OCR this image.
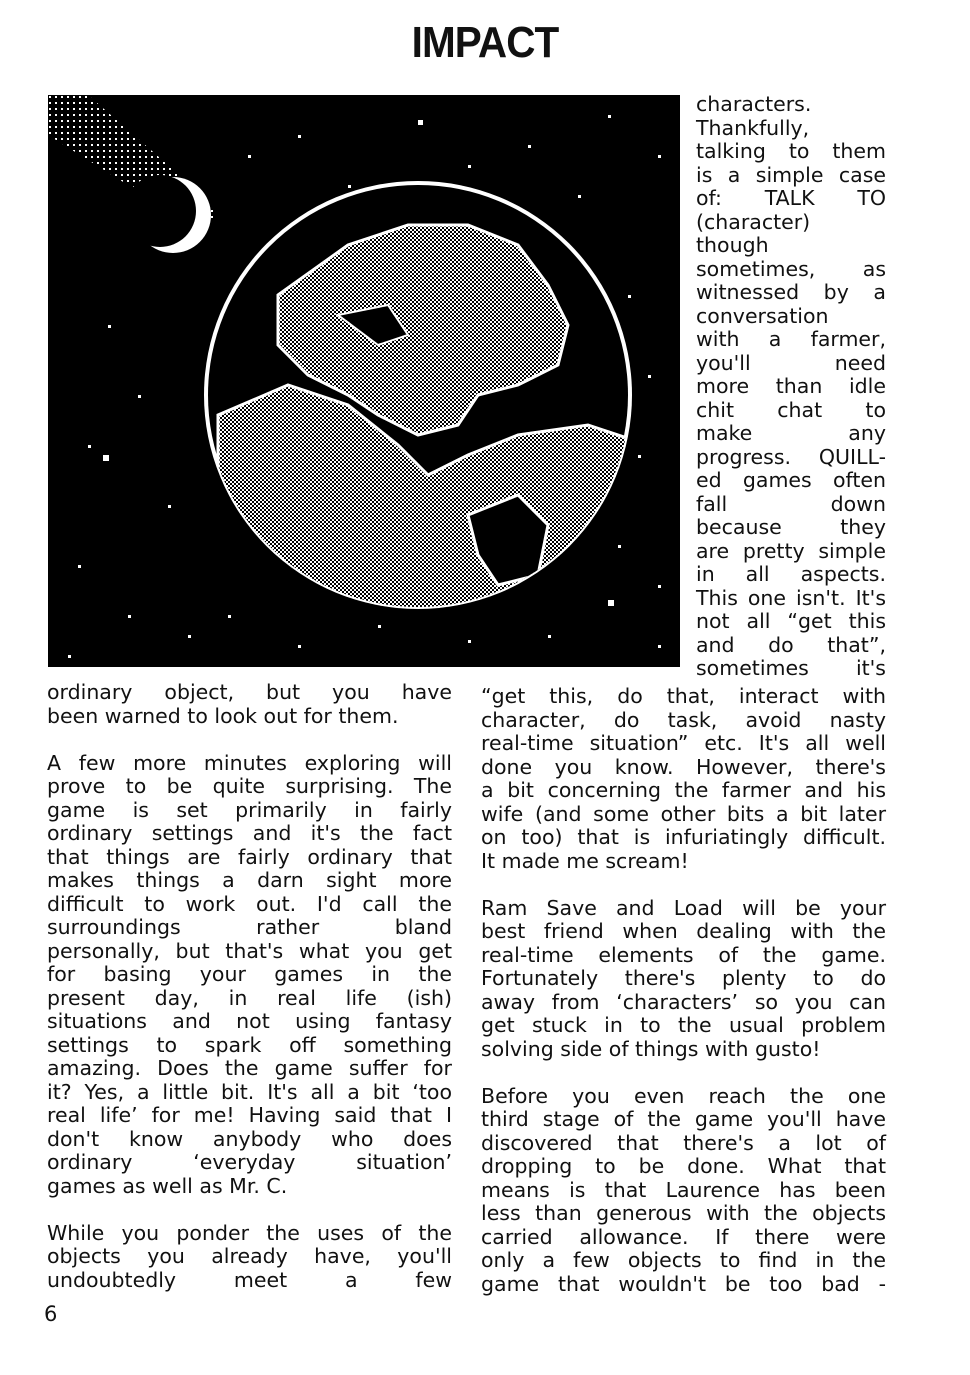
IMPACT
characters.
Thankfully,
talking to them
is a simple case
of: TALK TO
(character)
though
sometimes, as
witnessed by a
conversation
with a farmer,
you'll need
more than idle
chit chat to
make any
progress. QUILL-
ed games often
fall down
because they
are pretty simple
in all aspects.
This one isn't. It's
not all “get this
and do that”,
sometimes it's
ordinary object, but you have
been warned to look out for them.
A few more minutes exploring will
prove to be quite surprising. The
game is set primarily in fairly
ordinary settings and it's the fact
that things are fairly ordinary that
makes things a darn sight more
difficult to work out. I'd call the
surroundings rather bland
personally, but that's what you get
for basing your games in the
present day, in real life (ish)
situations and not using fantasy
settings to spark off something
amazing. Does the game suffer for
it? Yes, a little bit. It's all a bit ‘too
real life’ for me! Having said that I
don't know anybody who does
ordinary ‘everyday situation’
games as well as Mr. C.
While you ponder the uses of the
objects you already have, you'll
undoubtedly meet a few
“get this, do that, interact with
character, do task, avoid nasty
real-time situation” etc. It's all well
done you know. However, there's
a bit concerning the farmer and his
wife (and some other bits a bit later
on too) that is infuriatingly difficult.
It made me scream!
Ram Save and Load will be your
best friend when dealing with the
real-time elements of the game.
Fortunately there's plenty to do
away from ‘characters’ so you can
get stuck in to the usual problem
solving side of things with gusto!
Before you even reach the one
third stage of the game you'll have
discovered that there's a lot of
dropping to be done. What that
means is that Laurence has been
less than generous with the objects
carried allowance. If there were
only a few objects to find in the
game that wouldn't be too bad -
6
